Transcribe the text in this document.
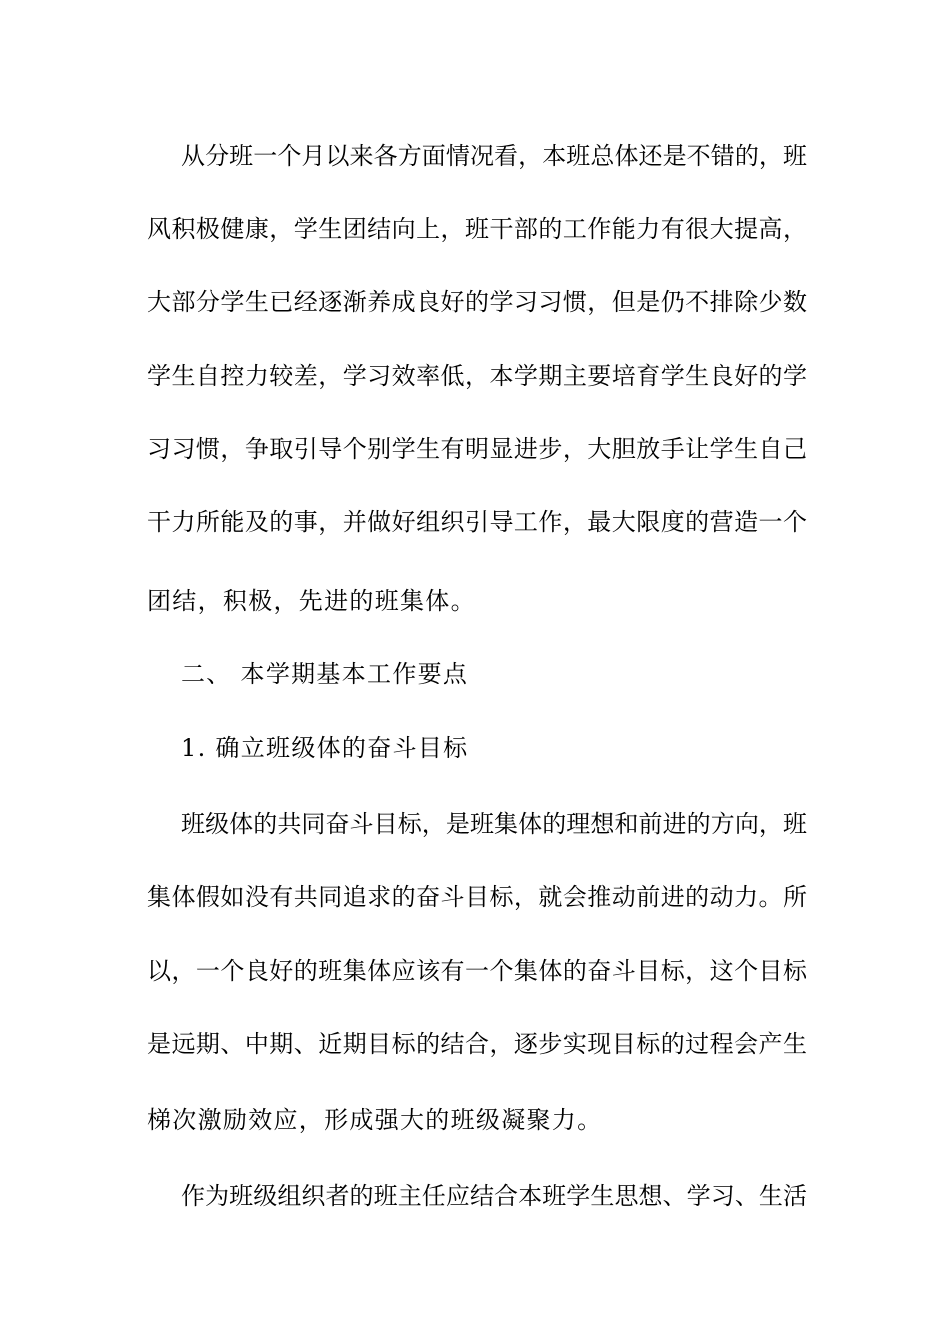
从分班一个月以来各方面情况看，本班总体还是不错的，班
风积极健康，学生团结向上，班干部的工作能力有很大提高，
大部分学生已经逐渐养成良好的学习习惯，但是仍不排除少数
学生自控力较差，学习效率低，本学期主要培育学生良好的学
习习惯，争取引导个别学生有明显进步，大胆放手让学生自己
干力所能及的事，并做好组织引导工作，最大限度的营造一个
团结，积极，先进的班集体。
二、 本学期基本工作要点
1. 确立班级体的奋斗目标
班级体的共同奋斗目标，是班集体的理想和前进的方向，班
集体假如没有共同追求的奋斗目标，就会推动前进的动力。所
以，一个良好的班集体应该有一个集体的奋斗目标，这个目标
是远期、中期、近期目标的结合，逐步实现目标的过程会产生
梯次激励效应，形成强大的班级凝聚力。
作为班级组织者的班主任应结合本班学生思想、学习、生活
